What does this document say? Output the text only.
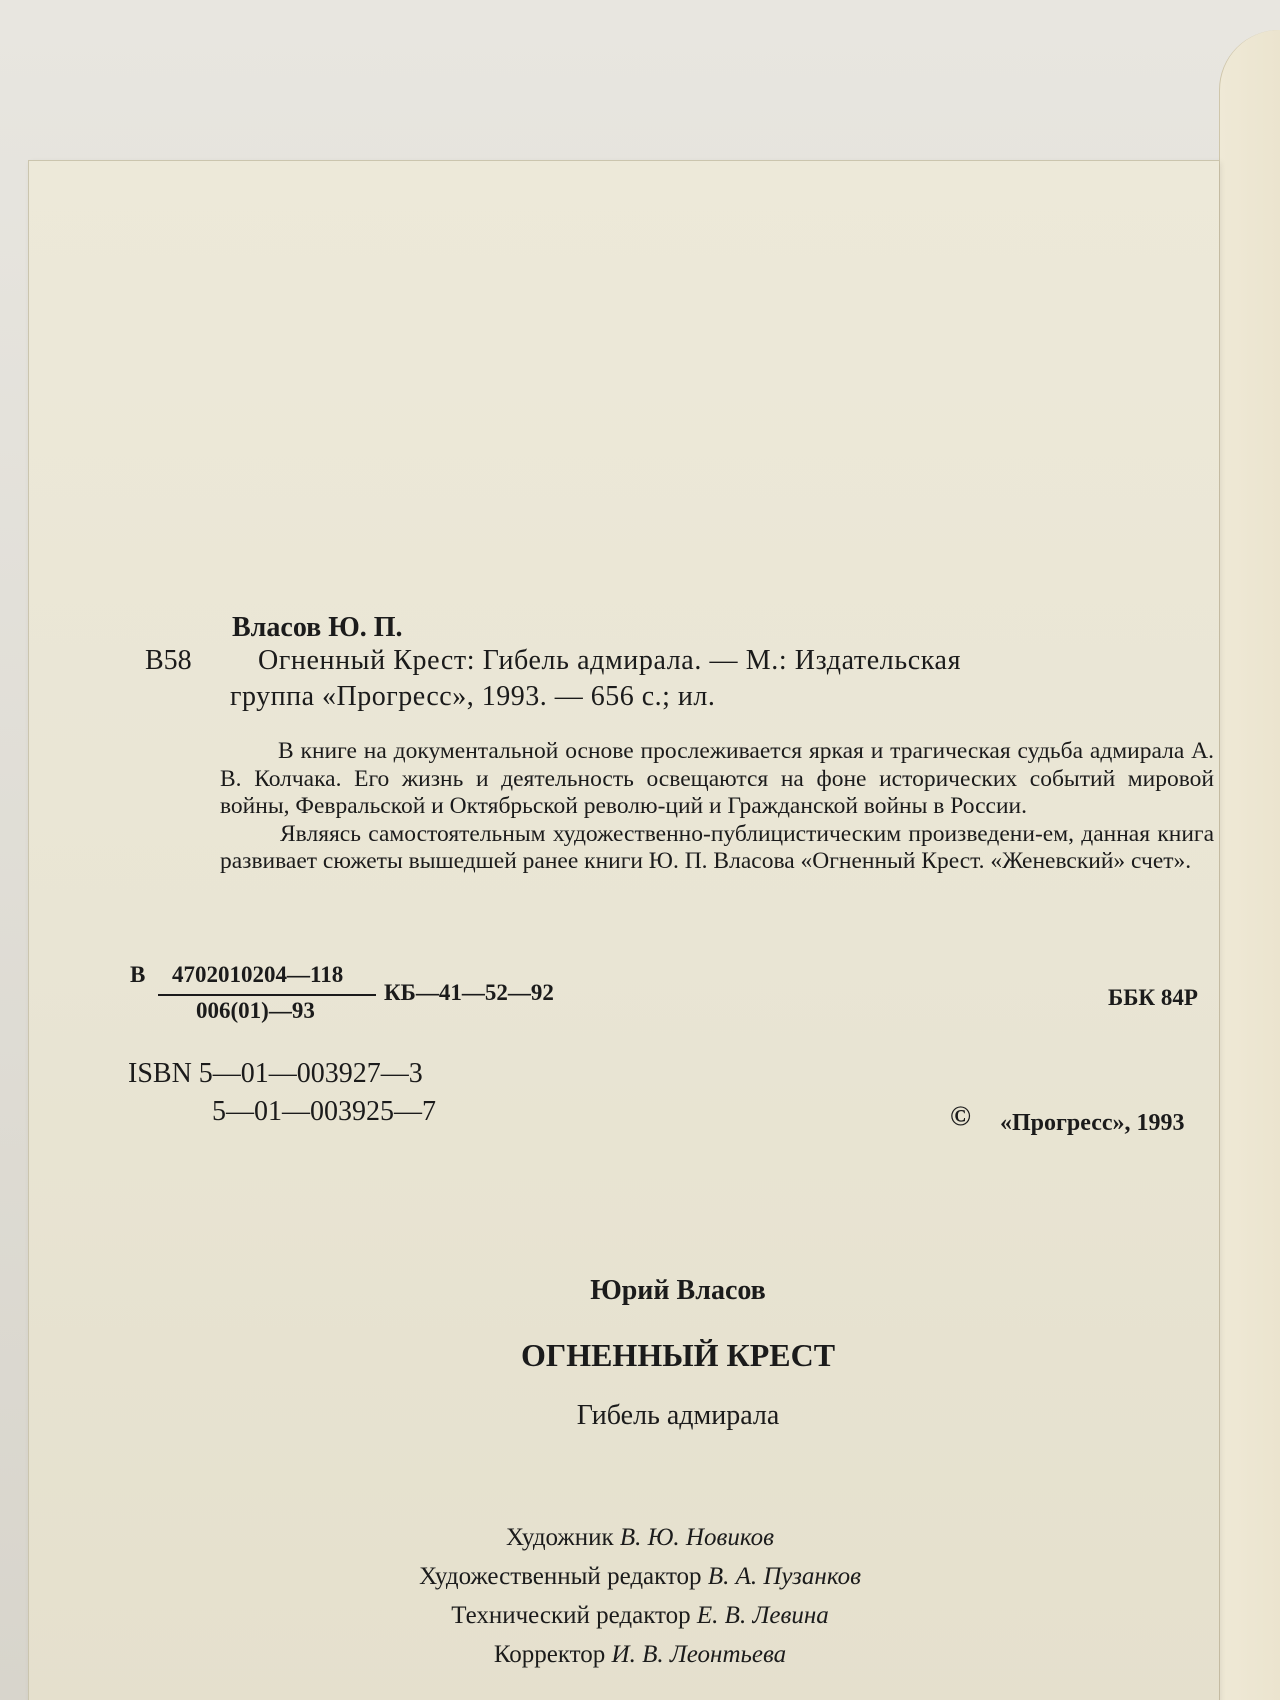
Власов Ю. П.
В58 Огненный Крест: Гибель адмирала. — М.: Издательская
группа «Прогресс», 1993. — 656 с.; ил.

В книге на документальной основе прослеживается яркая и трагическая судьба адмирала А. В. Колчака. Его жизнь и деятельность освещаются на фоне исторических событий мировой войны, Февральской и Октябрьской револю-ций и Гражданской войны в России.

Являясь самостоятельным художественно-публицистическим произведени-ем, данная книга развивает сюжеты вышедшей ранее книги Ю. П. Власова «Огненный Крест. «Женевский» счет».

В 4702010204—118
006(01)—93
КБ—41—52—92	ББК 84Р
ISBN 5—01—003927—3
5—01—003925—7	© «Прогресс», 1993
Юрий Власов
ОГНЕННЫЙ КРЕСТ
Гибель адмирала
Художник В. Ю. Новиков
Художественный редактор В. А. Пузанков
Технический редактор Е. В. Левина
Корректор И. В. Леонтьева
